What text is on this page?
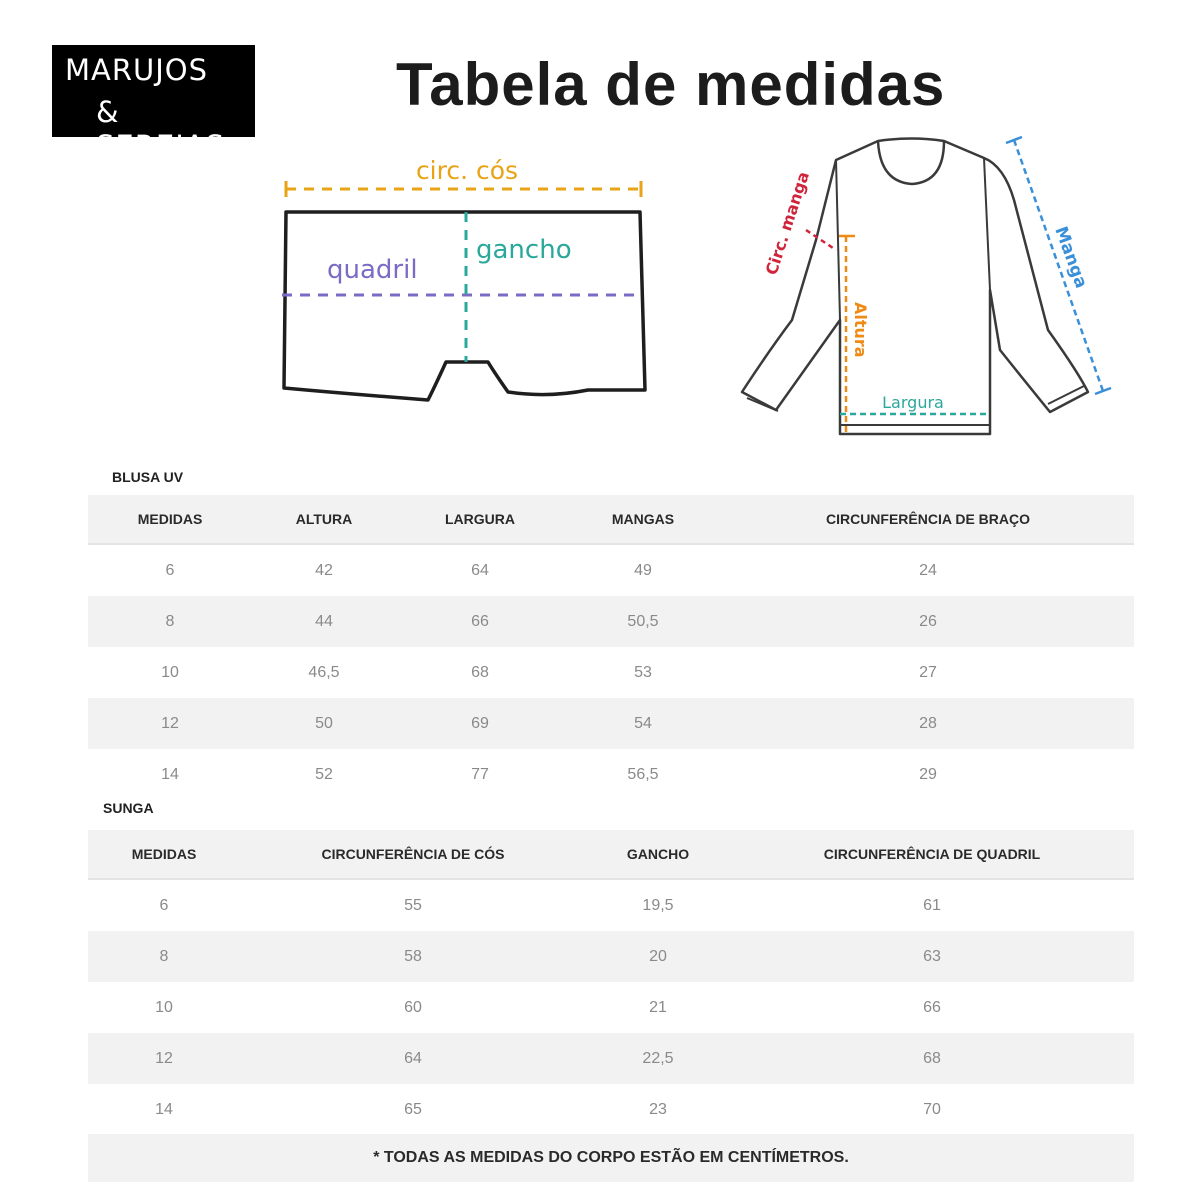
MARUJOS
& SEREIAS
Tabela de medidas
circ. cós
quadril
gancho	Circ. manga
Altura
Largura
Manga
BLUSA UV
MEDIDAS	ALTURA	LARGURA	MANGAS	CIRCUNFERÊNCIA DE BRAÇO
6	42	64	49	24
8	44	66	50,5	26
10	46,5	68	53	27
12	50	69	54	28
14	52	77	56,5	29
SUNGA
MEDIDAS	CIRCUNFERÊNCIA DE CÓS	GANCHO	CIRCUNFERÊNCIA DE QUADRIL
6	55	19,5	61
8	58	20	63
10	60	21	66
12	64	22,5	68
14	65	23	70
* TODAS AS MEDIDAS DO CORPO ESTÃO EM CENTÍMETROS.
